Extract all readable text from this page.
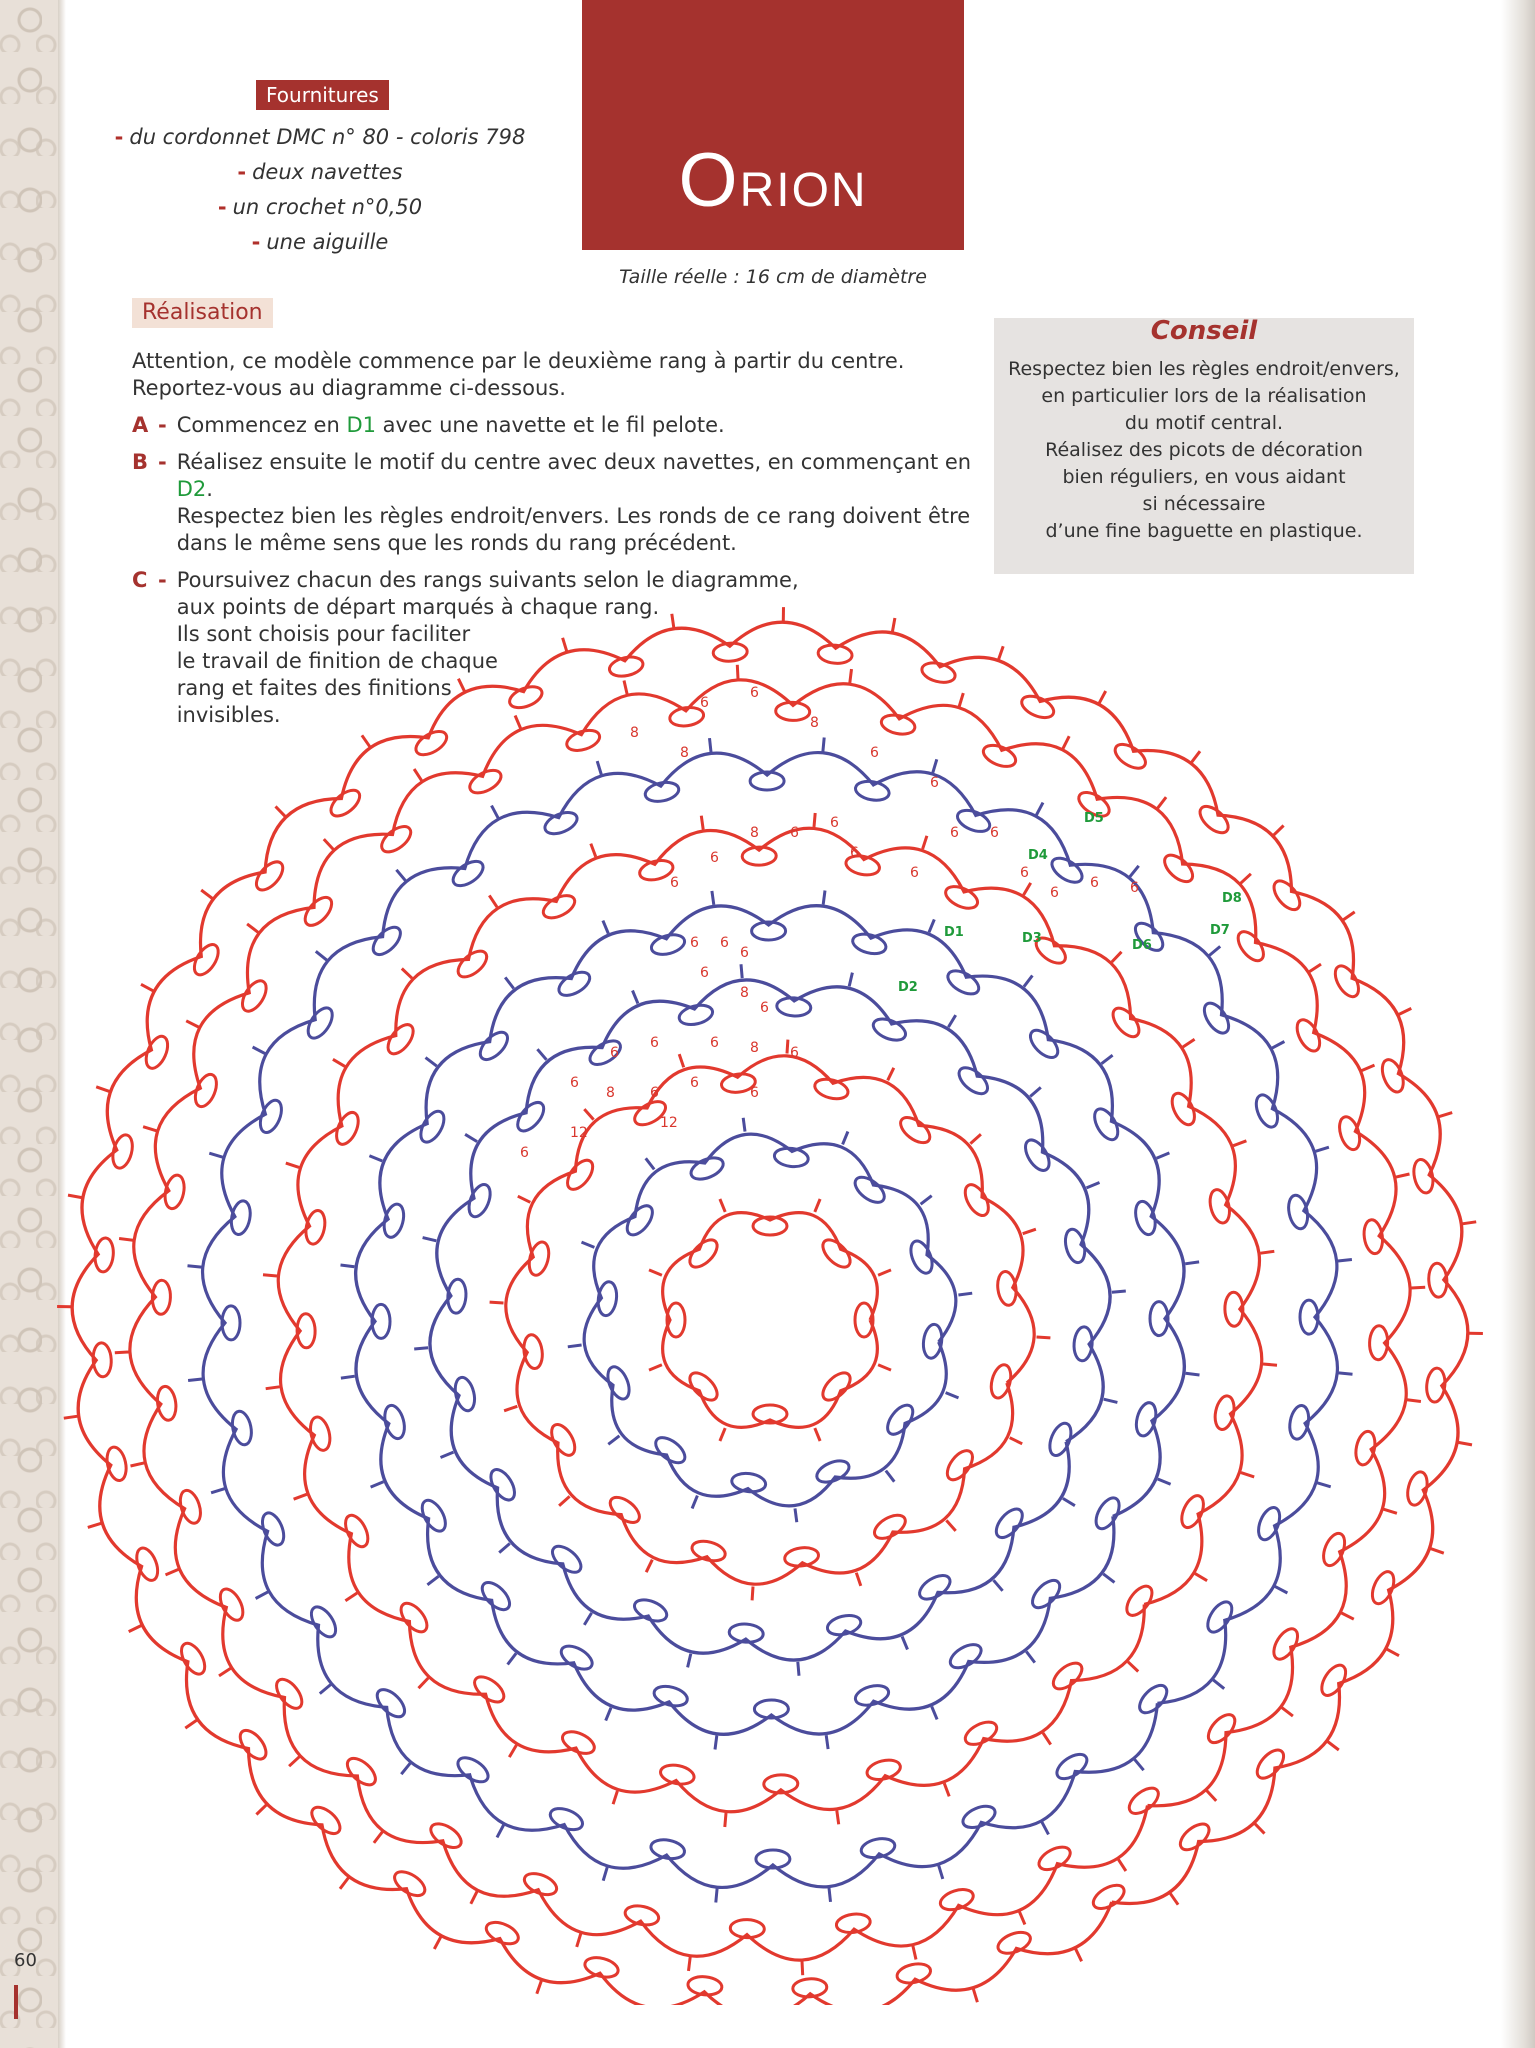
Fournitures
- du cordonnet DMC n° 80 - coloris 798
- deux navettes
- un crochet n°0,50
- une aiguille
ORION
Taille réelle : 16 cm de diamètre
Conseil
Respectez bien les règles endroit/envers,
en particulier lors de la réalisation
du motif central.
Réalisez des picots de décoration
bien réguliers, en vous aidant
si nécessaire
d’une fine baguette en plastique.
Réalisation
Attention, ce modèle commence par le deuxième rang à partir du centre.

Reportez-vous au diagramme ci-dessous.

A - Commencez en D1 avec une navette et le fil pelote.
B - Réalisez ensuite le motif du centre avec deux navettes, en commençant en D2.
Respectez bien les règles endroit/envers. Les ronds de ce rang doivent être
dans le même sens que les ronds du rang précédent.
C - Poursuivez chacun des rangs suivants selon le diagramme,
aux points de départ marqués à chaque rang.
Ils sont choisis pour faciliter
le travail de finition de chaque
rang et faites des finitions
invisibles.
D1
D2
D3
D4
D5
D6
D7
D8
6
8	6
6
6
6
12
12
6
6	6 8 6
8
6
6
6 6
6
6
6
8 6
6
6
6
6 6
6
6
6 6
8
8
6
6
8
6
6
60
